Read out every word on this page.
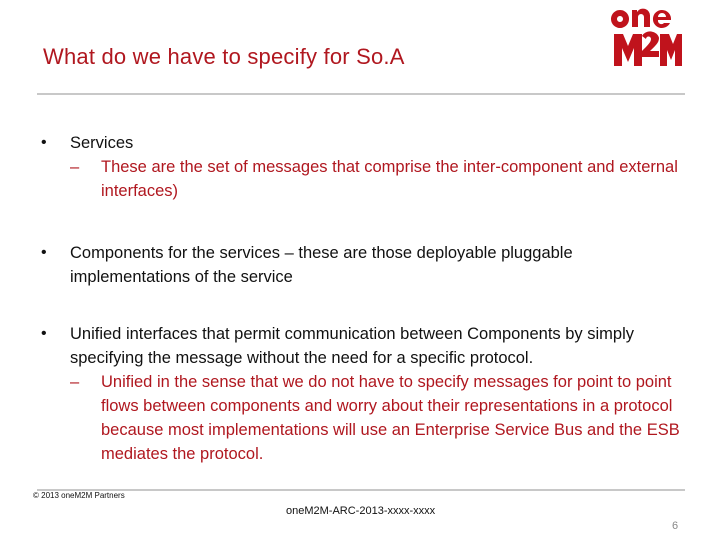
What do we have to specify for So.A
• Services
– These are the set of messages that comprise the inter-component and external interfaces)
• Components for the services – these are those deployable pluggable implementations of the service
• Unified interfaces that permit communication between Components by simply specifying the message without the need for a specific protocol.
– Unified in the sense that we do not have to specify messages for point to point flows between components and worry about their representations in a protocol because most implementations will use an Enterprise Service Bus and the ESB mediates the protocol.
© 2013 oneM2M Partners
oneM2M-ARC-2013-xxxx-xxxx
6
